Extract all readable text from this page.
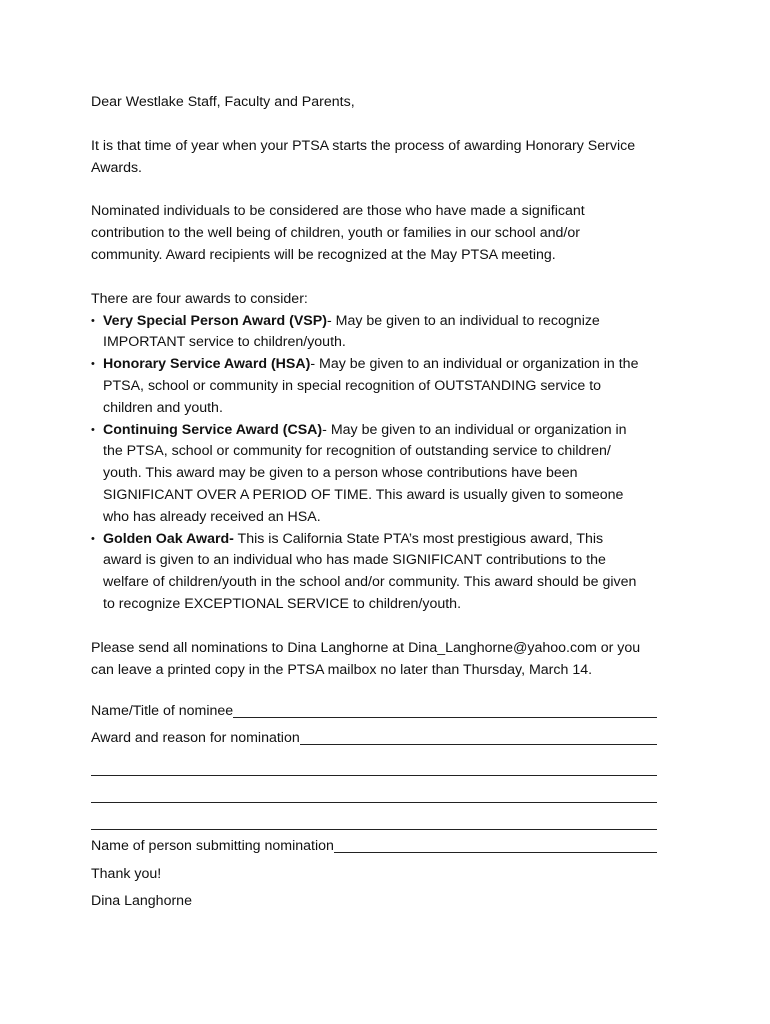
Dear Westlake Staff, Faculty and Parents,

It is that time of year when your PTSA starts the process of awarding Honorary Service

Awards.

Nominated individuals to be considered are those who have made a significant

contribution to the well being of children, youth or families in our school and/or

community. Award recipients will be recognized at the May PTSA meeting.

There are four awards to consider:

• Very Special Person Award (VSP)- May be given to an individual to recognize
IMPORTANT service to children/youth.
• Honorary Service Award (HSA)- May be given to an individual or organization in the
PTSA, school or community in special recognition of OUTSTANDING service to
children and youth.
• Continuing Service Award (CSA)- May be given to an individual or organization in
the PTSA, school or community for recognition of outstanding service to children/
youth. This award may be given to a person whose contributions have been
SIGNIFICANT OVER A PERIOD OF TIME. This award is usually given to someone
who has already received an HSA.
• Golden Oak Award- This is California State PTA’s most prestigious award, This
award is given to an individual who has made SIGNIFICANT contributions to the
welfare of children/youth in the school and/or community. This award should be given
to recognize EXCEPTIONAL SERVICE to children/youth.

Please send all nominations to Dina Langhorne at Dina_Langhorne@yahoo.com or you

can leave a printed copy in the PTSA mailbox no later than Thursday, March 14.

Name/Title of nominee
Award and reason for nomination
Name of person submitting nomination

Thank you!

Dina Langhorne
